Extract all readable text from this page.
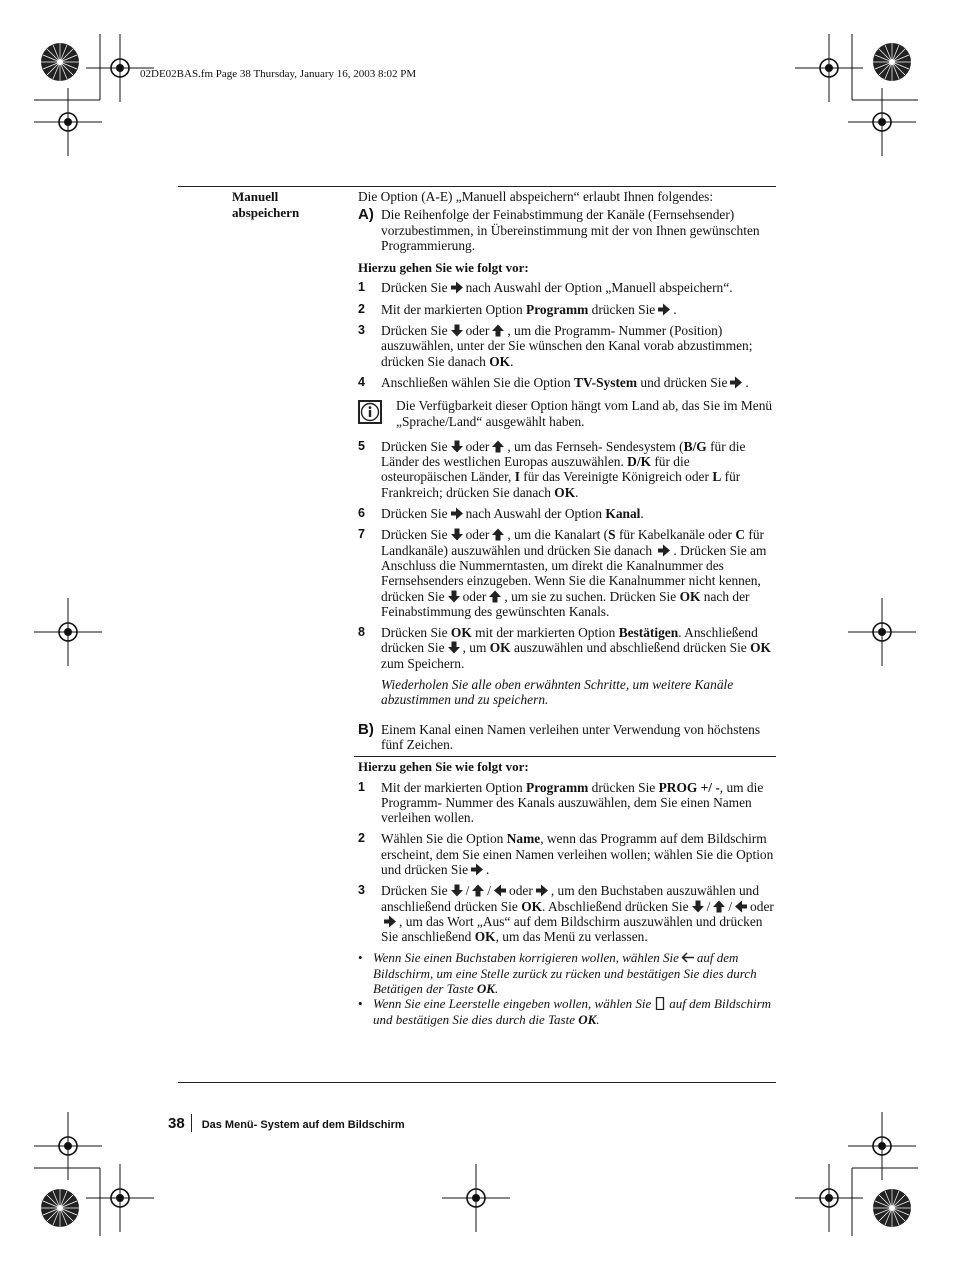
02DE02BAS.fm Page 38 Thursday, January 16, 2003 8:02 PM
Manuell
abspeichern

Die Option (A-E) „Manuell abspeichern“ erlaubt Ihnen folgendes:

A) Die Reihenfolge der Feinabstimmung der Kanäle (Fernsehsender) vorzubestimmen, in Übereinstimmung mit der von Ihnen gewünschten Programmierung.

Hierzu gehen Sie wie folgt vor:

1	Drücken Sie nach Auswahl der Option „Manuell abspeichern“.
2	Mit der markierten Option Programm drücken Sie .
3	Drücken Sie oder , um die Programm- Nummer (Position) auszuwählen, unter der Sie wünschen den Kanal vorab abzustimmen; drücken Sie danach OK.
4	Anschließen wählen Sie die Option TV-System und drücken Sie .
Die Verfügbarkeit dieser Option hängt vom Land ab, das Sie im Menü „Sprache/Land“ ausgewählt haben.
5	Drücken Sie oder , um das Fernseh- Sendesystem (B/G für die Länder des westlichen Europas auszuwählen. D/K für die osteuropäischen Länder, I für das Vereinigte Königreich oder L für Frankreich; drücken Sie danach OK.
6	Drücken Sie nach Auswahl der Option Kanal.
7	Drücken Sie oder , um die Kanalart (S für Kabelkanäle oder C für Landkanäle) auszuwählen und drücken Sie danach . Drücken Sie am Anschluss die Nummerntasten, um direkt die Kanalnummer des Fernsehsenders einzugeben. Wenn Sie die Kanalnummer nicht kennen, drücken Sie oder , um sie zu suchen. Drücken Sie OK nach der Feinabstimmung des gewünschten Kanals.
8	Drücken Sie OK mit der markierten Option Bestätigen. Anschließend drücken Sie , um OK auszuwählen und abschließend drücken Sie OK zum Speichern.
Wiederholen Sie alle oben erwähnten Schritte, um weitere Kanäle abzustimmen und zu speichern.
B) Einem Kanal einen Namen verleihen unter Verwendung von höchstens fünf Zeichen.

Hierzu gehen Sie wie folgt vor:

1	Mit der markierten Option Programm drücken Sie PROG +/ -, um die Programm- Nummer des Kanals auszuwählen, dem Sie einen Namen verleihen wollen.
2	Wählen Sie die Option Name, wenn das Programm auf dem Bildschirm erscheint, dem Sie einen Namen verleihen wollen; wählen Sie die Option und drücken Sie .
3	Drücken Sie / / oder , um den Buchstaben auszuwählen und anschließend drücken Sie OK. Abschließend drücken Sie / / oder
, um das Wort „Aus“ auf dem Bildschirm auszuwählen und drücken Sie anschließend OK, um das Menü zu verlassen.
• Wenn Sie einen Buchstaben korrigieren wollen, wählen Sie auf dem Bildschirm, um eine Stelle zurück zu rücken und bestätigen Sie dies durch Betätigen der Taste OK.
• Wenn Sie eine Leerstelle eingeben wollen, wählen Sie auf dem Bildschirm und bestätigen Sie dies durch die Taste OK.
38 Das Menü- System auf dem Bildschirm
